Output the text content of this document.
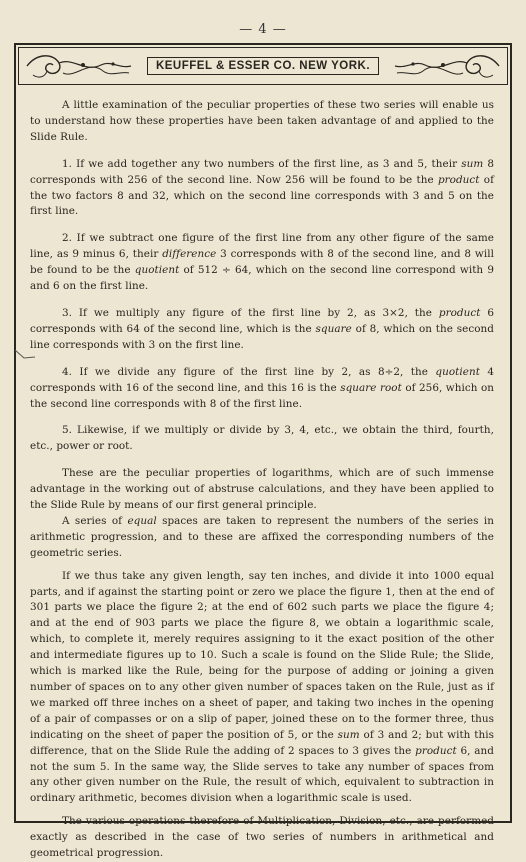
— 4 —
KEUFFEL & ESSER CO. NEW YORK.

A little examination of the peculiar properties of these two series will enable us to understand how these properties have been taken advantage of and applied to the Slide Rule.

1. If we add together any two numbers of the first line, as 3 and 5, their sum 8 corresponds with 256 of the second line. Now 256 will be found to be the product of the two factors 8 and 32, which on the second line corresponds with 3 and 5 on the first line.

2. If we subtract one figure of the first line from any other figure of the same line, as 9 minus 6, their difference 3 corresponds with 8 of the second line, and 8 will be found to be the quotient of 512 ÷ 64, which on the second line correspond with 9 and 6 on the first line.

3. If we multiply any figure of the first line by 2, as 3×2, the product 6 corresponds with 64 of the second line, which is the square of 8, which on the second line corresponds with 3 on the first line.

4. If we divide any figure of the first line by 2, as 8÷2, the quotient 4 corresponds with 16 of the second line, and this 16 is the square root of 256, which on the second line corresponds with 8 of the first line.

5. Likewise, if we multiply or divide by 3, 4, etc., we obtain the third, fourth, etc., power or root.

These are the peculiar properties of logarithms, which are of such immense advantage in the working out of abstruse calculations, and they have been applied to the Slide Rule by means of our first general principle.

A series of equal spaces are taken to represent the numbers of the series in arithmetic progression, and to these are affixed the corresponding numbers of the geometric series.

If we thus take any given length, say ten inches, and divide it into 1000 equal parts, and if against the starting point or zero we place the figure 1, then at the end of 301 parts we place the figure 2; at the end of 602 such parts we place the figure 4; and at the end of 903 parts we place the figure 8, we obtain a logarithmic scale, which, to complete it, merely requires assigning to it the exact position of the other and intermediate figures up to 10. Such a scale is found on the Slide Rule; the Slide, which is marked like the Rule, being for the purpose of adding or joining a given number of spaces on to any other given number of spaces taken on the Rule, just as if we marked off three inches on a sheet of paper, and taking two inches in the opening of a pair of compasses or on a slip of paper, joined these on to the former three, thus indicating on the sheet of paper the position of 5, or the sum of 3 and 2; but with this difference, that on the Slide Rule the adding of 2 spaces to 3 gives the product 6, and not the sum 5. In the same way, the Slide serves to take any number of spaces from any other given number on the Rule, the result of which, equivalent to subtraction in ordinary arithmetic, becomes division when a logarithmic scale is used.

The various operations therefore of Multiplication, Division, etc., are performed exactly as described in the case of two series of numbers in arithmetical and geometrical progression.
